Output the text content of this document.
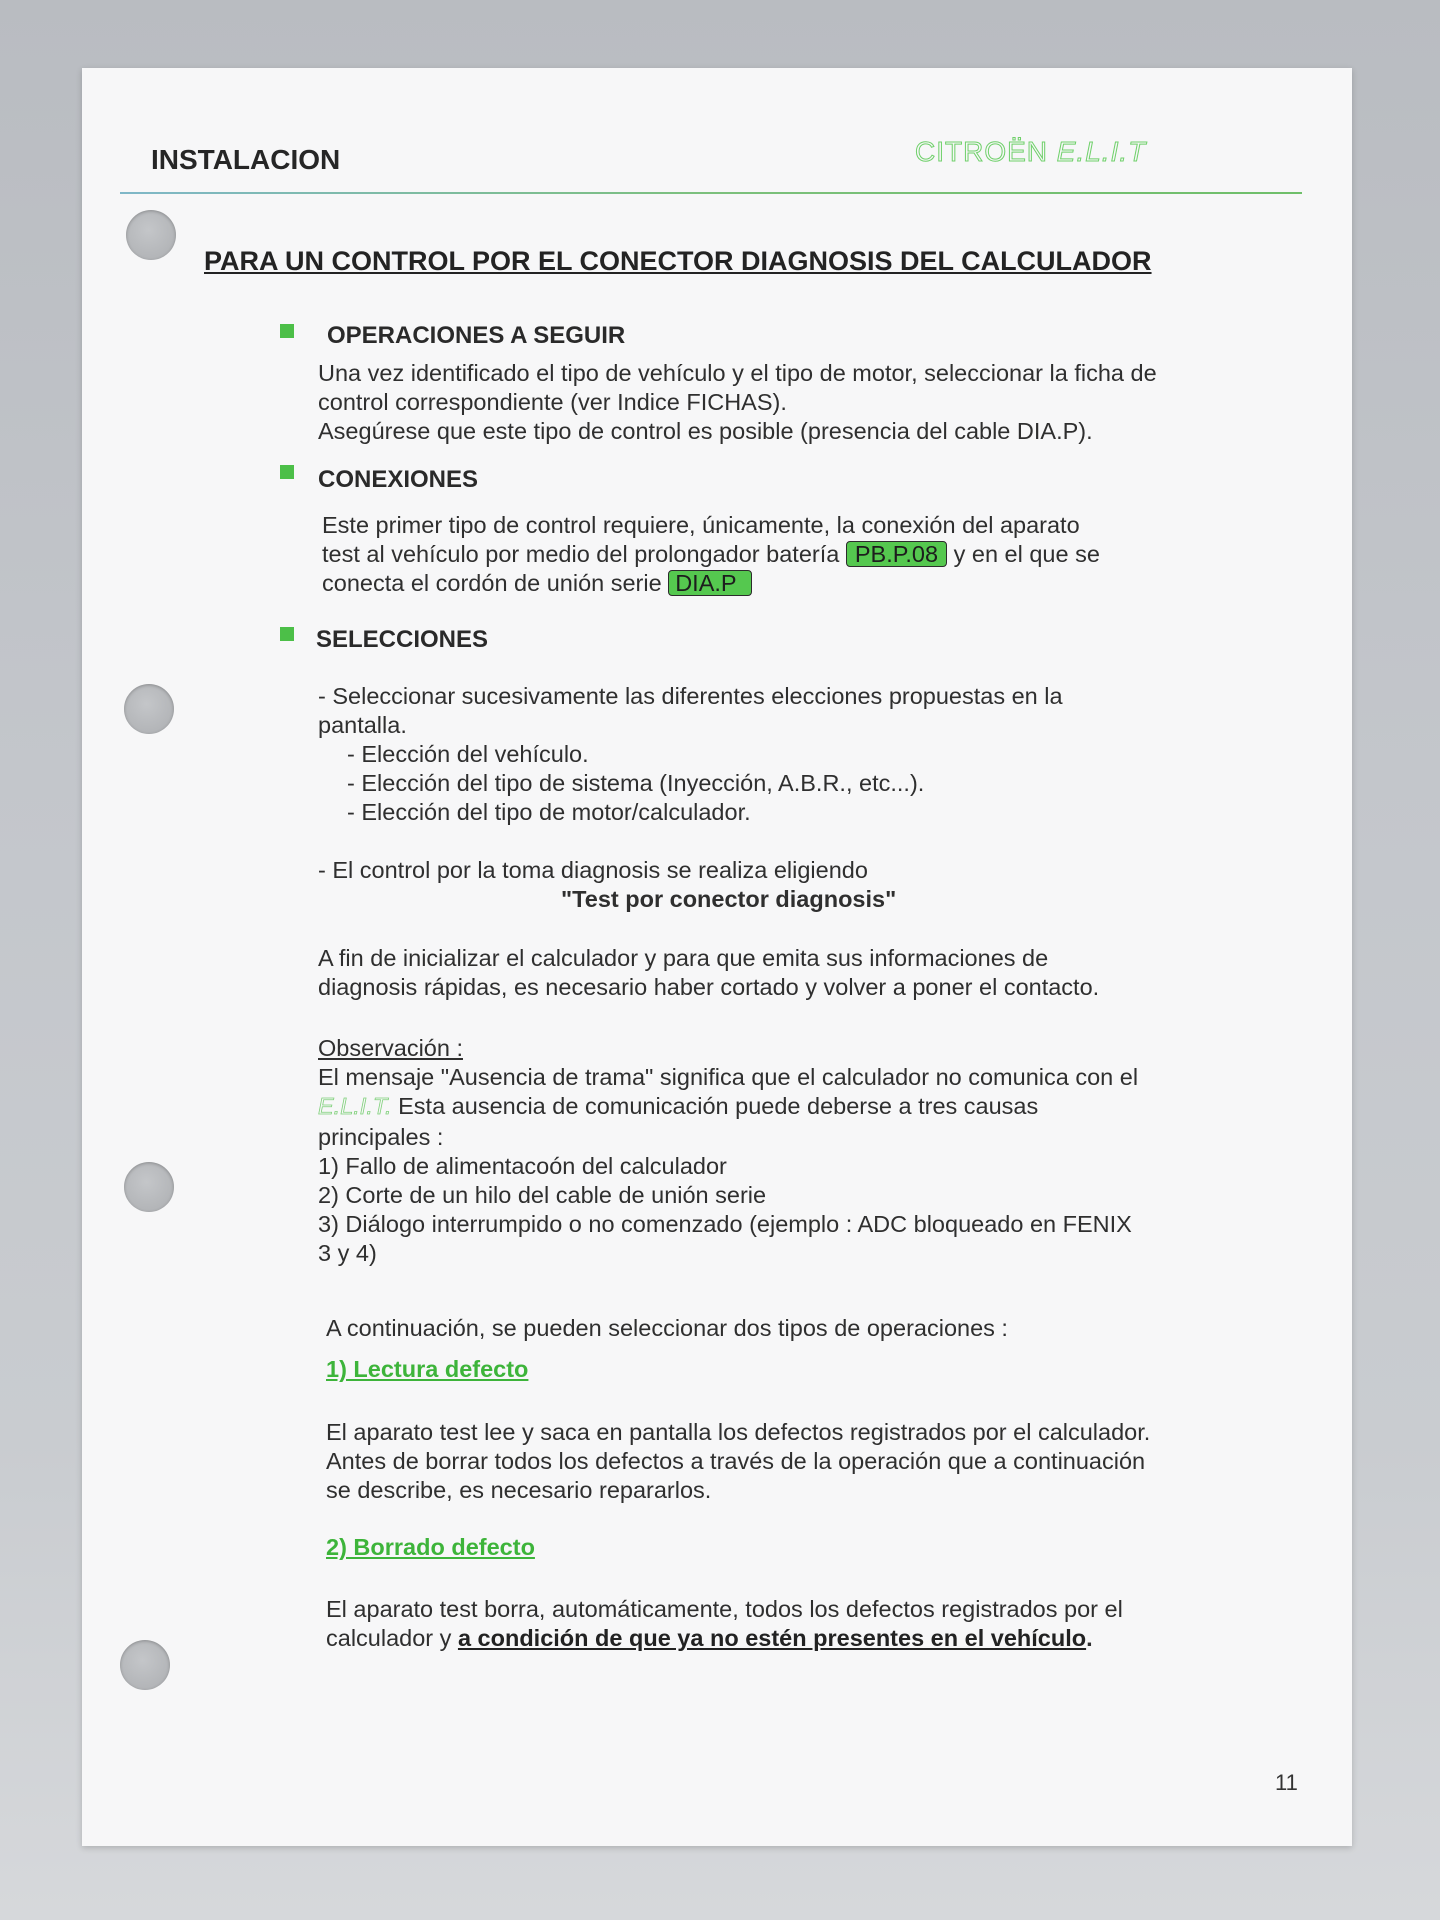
INSTALACION	CITROËN E.L.I.T
PARA UN CONTROL POR EL CONECTOR DIAGNOSIS DEL CALCULADOR
OPERACIONES A SEGUIR

Una vez identificado el tipo de vehículo y el tipo de motor, seleccionar la ficha de

control correspondiente (ver Indice FICHAS).

Asegúrese que este tipo de control es posible (presencia del cable DIA.P).

CONEXIONES

Este primer tipo de control requiere, únicamente, la conexión del aparato

test al vehículo por medio del prolongador batería PB.P.08 y en el que se

conecta el cordón de unión serie DIA.P

SELECCIONES

- Seleccionar sucesivamente las diferentes elecciones propuestas en la

pantalla.

- Elección del vehículo.

- Elección del tipo de sistema (Inyección, A.B.R., etc...).

- Elección del tipo de motor/calculador.

- El control por la toma diagnosis se realiza eligiendo

"Test por conector diagnosis"

A fin de inicializar el calculador y para que emita sus informaciones de

diagnosis rápidas, es necesario haber cortado y volver a poner el contacto.

Observación :

El mensaje "Ausencia de trama" significa que el calculador no comunica con el

E.L.I.T. Esta ausencia de comunicación puede deberse a tres causas

principales :

1) Fallo de alimentacoón del calculador

2) Corte de un hilo del cable de unión serie

3) Diálogo interrumpido o no comenzado (ejemplo : ADC bloqueado en FENIX

3 y 4)

A continuación, se pueden seleccionar dos tipos de operaciones :
1) Lectura defecto

El aparato test lee y saca en pantalla los defectos registrados por el calculador.

Antes de borrar todos los defectos a través de la operación que a continuación

se describe, es necesario repararlos.

2) Borrado defecto

El aparato test borra, automáticamente, todos los defectos registrados por el

calculador y a condición de que ya no estén presentes en el vehículo.

11
